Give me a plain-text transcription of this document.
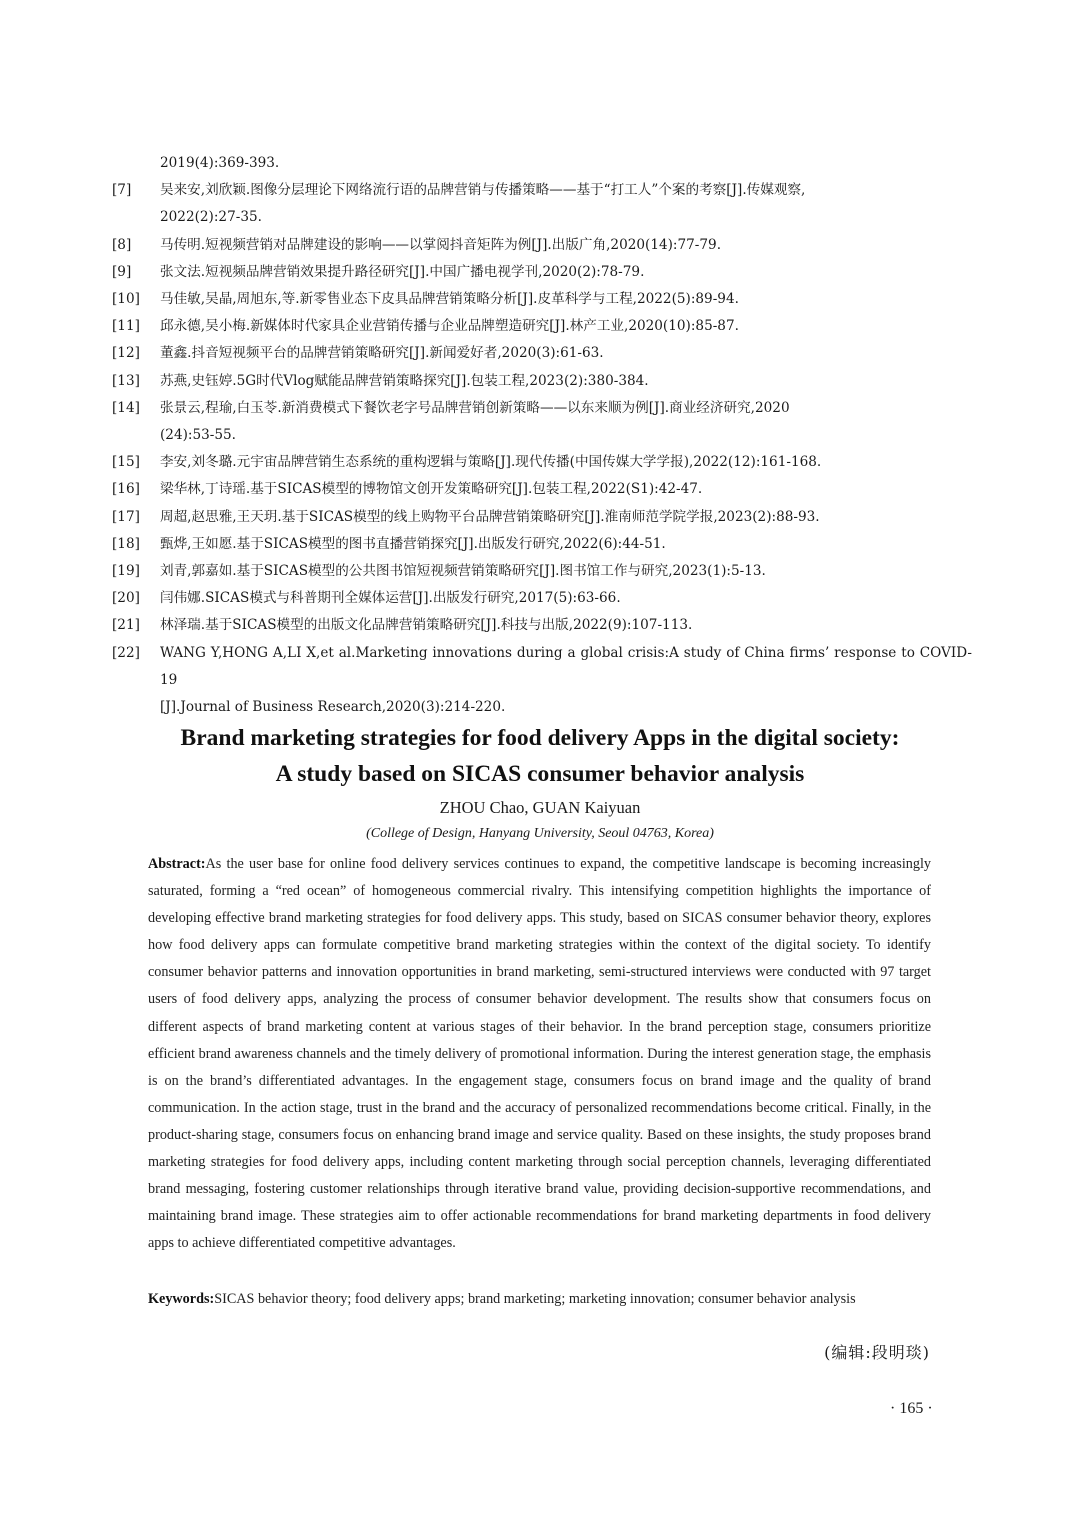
2019(4):369-393.
[7]	吴来安,刘欣颖.图像分层理论下网络流行语的品牌营销与传播策略——基于“打工人”个案的考察[J].传媒观察,
2022(2):27-35.
[8]	马传明.短视频营销对品牌建设的影响——以掌阅抖音矩阵为例[J].出版广角,2020(14):77-79.
[9]	张文法.短视频品牌营销效果提升路径研究[J].中国广播电视学刊,2020(2):78-79.
[10]	马佳敏,吴晶,周旭东,等.新零售业态下皮具品牌营销策略分析[J].皮革科学与工程,2022(5):89-94.
[11]	邱永德,吴小梅.新媒体时代家具企业营销传播与企业品牌塑造研究[J].林产工业,2020(10):85-87.
[12]	董鑫.抖音短视频平台的品牌营销策略研究[J].新闻爱好者,2020(3):61-63.
[13]	苏燕,史钰婷.5G时代Vlog赋能品牌营销策略探究[J].包装工程,2023(2):380-384.
[14]	张景云,程瑜,白玉苓.新消费模式下餐饮老字号品牌营销创新策略——以东来顺为例[J].商业经济研究,2020
(24):53-55.
[15]	李安,刘冬璐.元宇宙品牌营销生态系统的重构逻辑与策略[J].现代传播(中国传媒大学学报),2022(12):161-168.
[16]	梁华林,丁诗瑶.基于SICAS模型的博物馆文创开发策略研究[J].包装工程,2022(S1):42-47.
[17]	周超,赵思雅,王天玥.基于SICAS模型的线上购物平台品牌营销策略研究[J].淮南师范学院学报,2023(2):88-93.
[18]	甄烨,王如愿.基于SICAS模型的图书直播营销探究[J].出版发行研究,2022(6):44-51.
[19]	刘青,郭嘉如.基于SICAS模型的公共图书馆短视频营销策略研究[J].图书馆工作与研究,2023(1):5-13.
[20]	闫伟娜.SICAS模式与科普期刊全媒体运营[J].出版发行研究,2017(5):63-66.
[21]	林泽瑞.基于SICAS模型的出版文化品牌营销策略研究[J].科技与出版,2022(9):107-113.
[22]	WANG Y,HONG A,LI X,et al.Marketing innovations during a global crisis:A study of China firms’ response to COVID-19
[J].Journal of Business Research,2020(3):214-220.
Brand marketing strategies for food delivery Apps in the digital society:
A study based on SICAS consumer behavior analysis
ZHOU Chao, GUAN Kaiyuan
(College of Design, Hanyang University, Seoul 04763, Korea)
Abstract:As the user base for online food delivery services continues to expand, the competitive landscape is becoming increasingly saturated, forming a “red ocean” of homogeneous commercial rivalry. This intensifying competition highlights the importance of developing effective brand marketing strategies for food delivery apps. This study, based on SICAS consumer behavior theory, explores how food delivery apps can formulate competitive brand marketing strategies within the context of the digital society. To identify consumer behavior patterns and innovation opportunities in brand marketing, semi-structured interviews were conducted with 97 target users of food delivery apps, analyzing the process of consumer behavior development. The results show that consumers focus on different aspects of brand marketing content at various stages of their behavior. In the brand perception stage, consumers prioritize efficient brand awareness channels and the timely delivery of promotional information. During the interest generation stage, the emphasis is on the brand’s differentiated advantages. In the engagement stage, consumers focus on brand image and the quality of brand communication. In the action stage, trust in the brand and the accuracy of personalized recommendations become critical. Finally, in the product-sharing stage, consumers focus on enhancing brand image and service quality. Based on these insights, the study proposes brand marketing strategies for food delivery apps, including content marketing through social perception channels, leveraging differentiated brand messaging, fostering customer relationships through iterative brand value, providing decision-supportive recommendations, and maintaining brand image. These strategies aim to offer actionable recommendations for brand marketing departments in food delivery apps to achieve differentiated competitive advantages.
Keywords:SICAS behavior theory; food delivery apps; brand marketing; marketing innovation; consumer behavior analysis
(编辑:段明琰)
· 165 ·
